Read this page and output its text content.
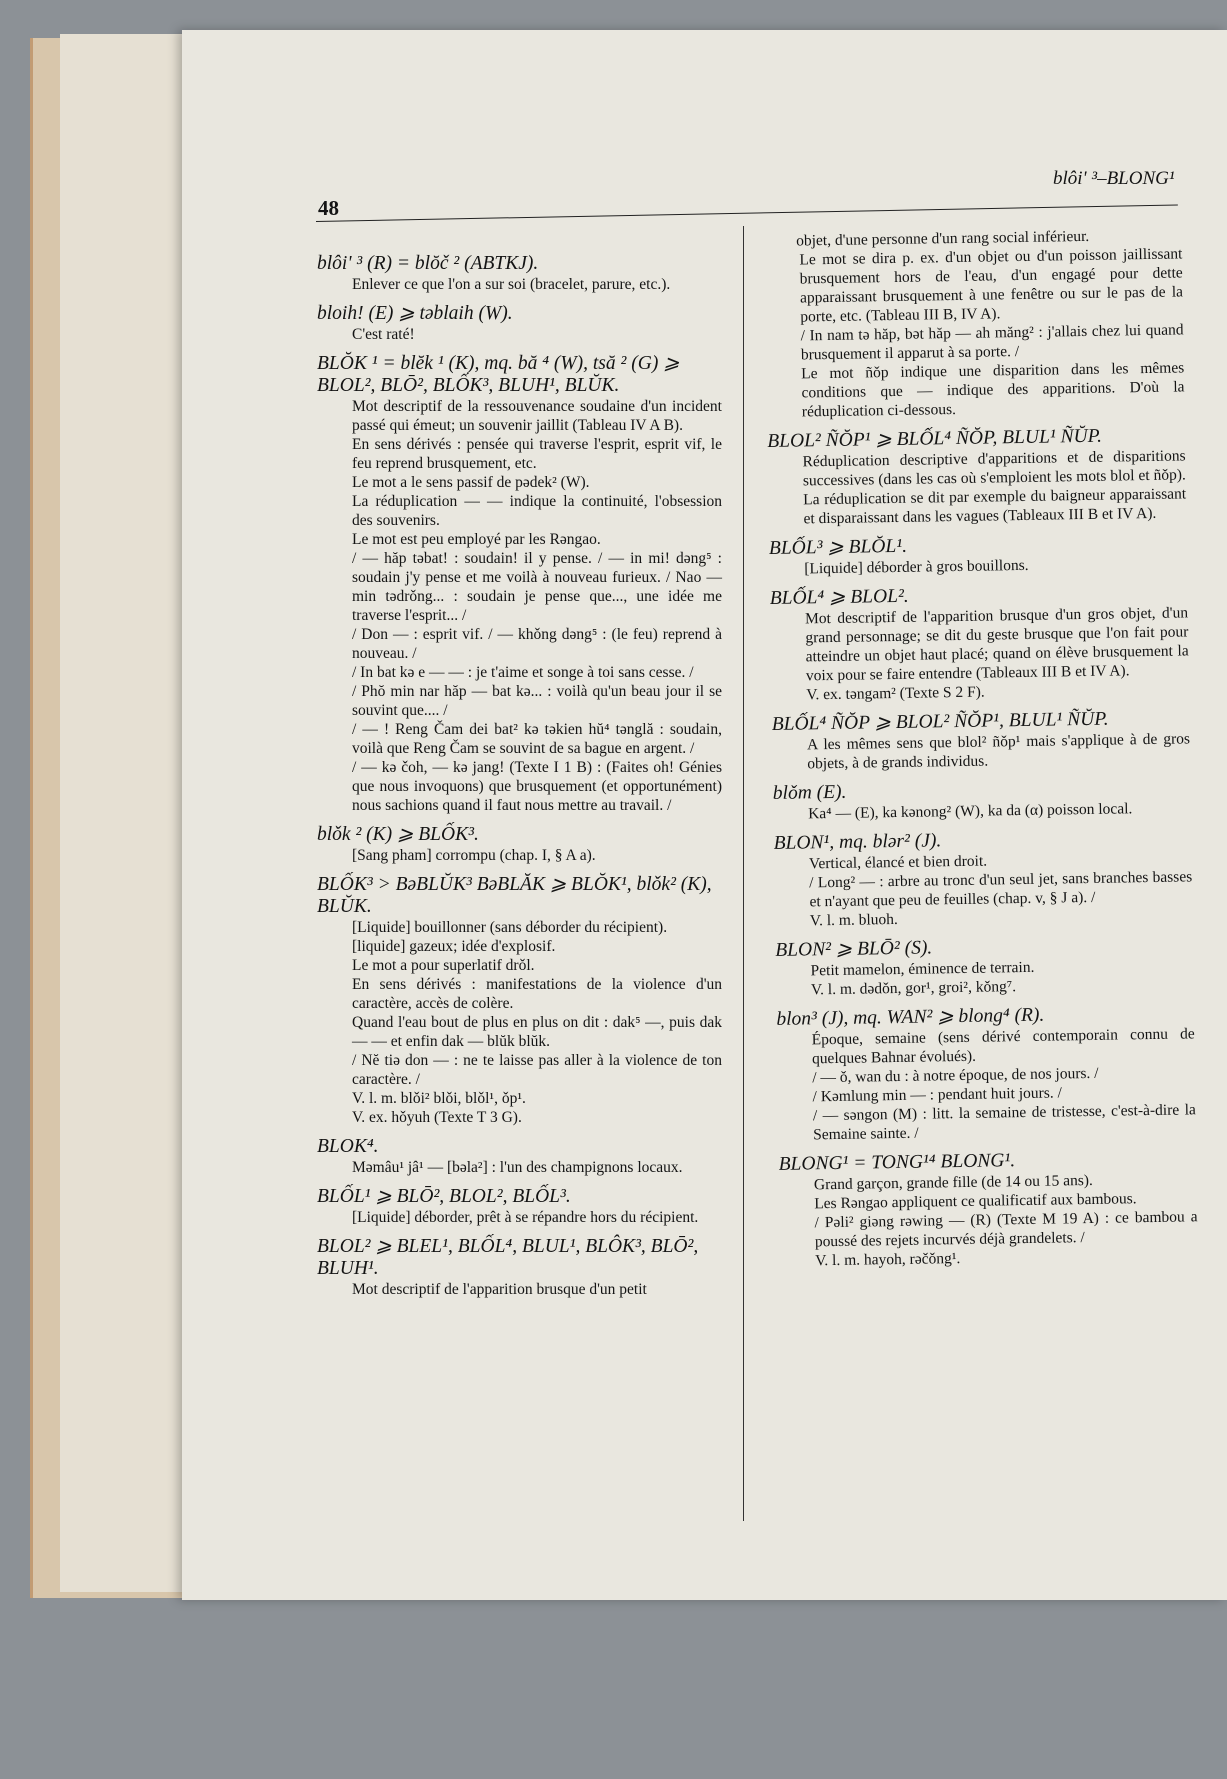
blôi' ³–BLONG¹
48
blôi' ³ (R) = blŏč ² (ABTKJ).
Enlever ce que l'on a sur soi (bracelet, parure, etc.).
bloih! (E) ⩾ tǝblaih (W).
C'est raté!
BLŎK ¹ = blĕk ¹ (K), mq. bă ⁴ (W), tsă ² (G) ⩾ BLOL², BLŌ², BLỐK³, BLUH¹, BLŬK.
Mot descriptif de la ressouvenance soudaine d'un incident passé qui émeut; un souvenir jaillit (Tableau IV A B).
En sens dérivés : pensée qui traverse l'esprit, esprit vif, le feu reprend brusquement, etc.
Le mot a le sens passif de pǝdek² (W).
La réduplication — — indique la continuité, l'obsession des souvenirs.
Le mot est peu employé par les Rǝngao.
/ — hăp tǝbat! : soudain! il y pense. / — in mi! dǝng⁵ : soudain j'y pense et me voilà à nouveau furieux. / Nao — min tǝdrǒng... : soudain je pense que..., une idée me traverse l'esprit... /
/ Don — : esprit vif. / — khǒng dǝng⁵ : (le feu) reprend à nouveau. /
/ In bat kǝ e — — : je t'aime et songe à toi sans cesse. /
/ Phŏ min nar hăp — bat kǝ... : voilà qu'un beau jour il se souvint que.... /
/ — ! Reng Čam dei bat² kǝ tǝkien hŭ⁴ tǝnglă : soudain, voilà que Reng Čam se souvint de sa bague en argent. /
/ — kǝ čoh, — kǝ jang! (Texte I 1 B) : (Faites oh! Génies que nous invoquons) que brusquement (et opportunément) nous sachions quand il faut nous mettre au travail. /
blǒk ² (K) ⩾ BLỐK³.
[Sang pham] corrompu (chap. I, § A a).
BLỐK³ > BǝBLŬK³ BǝBLĂK ⩾ BLŎK¹, blǒk² (K), BLŬK.
[Liquide] bouillonner (sans déborder du récipient).
[liquide] gazeux; idée d'explosif.
Le mot a pour superlatif drǒl.
En sens dérivés : manifestations de la violence d'un caractère, accès de colère.
Quand l'eau bout de plus en plus on dit : dak⁵ —, puis dak — — et enfin dak — blŭk blŭk.
/ Nĕ tiǝ don — : ne te laisse pas aller à la violence de ton caractère. /
V. l. m. blǒi² blǒi, blǒl¹, ǒp¹.
V. ex. hǒyuh (Texte T 3 G).
BLOK⁴.
Mǝmâu¹ jâ¹ — [bǝla²] : l'un des champignons locaux.
BLỐL¹ ⩾ BLŌ², BLOL², BLỐL³.
[Liquide] déborder, prêt à se répandre hors du récipient.
BLOL² ⩾ BLEL¹, BLỐL⁴, BLUL¹, BLÔK³, BLŌ², BLUH¹.
Mot descriptif de l'apparition brusque d'un petit
objet, d'une personne d'un rang social inférieur.
Le mot se dira p. ex. d'un objet ou d'un poisson jaillissant brusquement hors de l'eau, d'un engagé pour dette apparaissant brusquement à une fenêtre ou sur le pas de la porte, etc. (Tableau III B, IV A).
/ In nam tǝ hăp, bǝt hăp — ah măng² : j'allais chez lui quand brusquement il apparut à sa porte. /
Le mot ñǒp indique une disparition dans les mêmes conditions que — indique des apparitions. D'où la réduplication ci-dessous.
BLOL² ÑŎP¹ ⩾ BLỐL⁴ ÑŎP, BLUL¹ ÑŬP.
Réduplication descriptive d'apparitions et de disparitions successives (dans les cas où s'emploient les mots blol et ñǒp). La réduplication se dit par exemple du baigneur apparaissant et disparaissant dans les vagues (Tableaux III B et IV A).
BLỐL³ ⩾ BLŎL¹.
[Liquide] déborder à gros bouillons.
BLỐL⁴ ⩾ BLOL².
Mot descriptif de l'apparition brusque d'un gros objet, d'un grand personnage; se dit du geste brusque que l'on fait pour atteindre un objet haut placé; quand on élève brusquement la voix pour se faire entendre (Tableaux III B et IV A).
V. ex. tǝngam² (Texte S 2 F).
BLỐL⁴ ÑŎP ⩾ BLOL² ÑŎP¹, BLUL¹ ÑŬP.
A les mêmes sens que blol² ñǒp¹ mais s'applique à de gros objets, à de grands individus.
blǒm (E).
Ka⁴ — (E), ka kǝnong² (W), ka da (α) poisson local.
BLON¹, mq. blǝr² (J).
Vertical, élancé et bien droit.
/ Long² — : arbre au tronc d'un seul jet, sans branches basses et n'ayant que peu de feuilles (chap. v, § J a). /
V. l. m. bluoh.
BLON² ⩾ BLŌ² (S).
Petit mamelon, éminence de terrain.
V. l. m. dǝdǒn, gor¹, groi², kǒng⁷.
blon³ (J), mq. WAN² ⩾ blong⁴ (R).
Époque, semaine (sens dérivé contemporain connu de quelques Bahnar évolués).
/ — ǒ, wan du : à notre époque, de nos jours. /
/ Kǝmlung min — : pendant huit jours. /
/ — sǝngon (M) : litt. la semaine de tristesse, c'est-à-dire la Semaine sainte. /
BLONG¹ = TONG¹⁴ BLONG¹.
Grand garçon, grande fille (de 14 ou 15 ans).
Les Rǝngao appliquent ce qualificatif aux bambous.
/ Pǝli² giǝng rǝwing — (R) (Texte M 19 A) : ce bambou a poussé des rejets incurvés déjà grandelets. /
V. l. m. hayoh, rǝčǒng¹.
